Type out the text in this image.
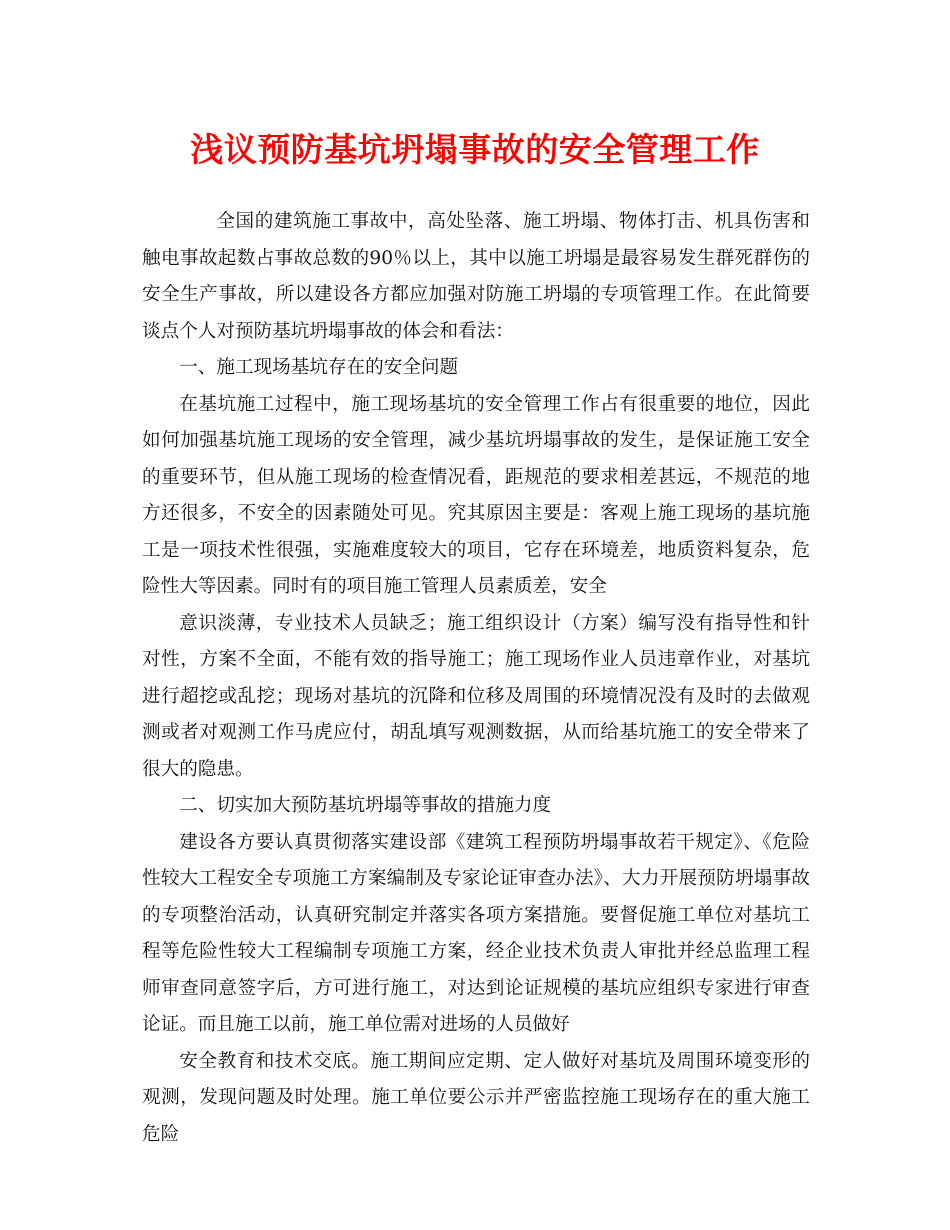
浅议预防基坑坍塌事故的安全管理工作

全国的建筑施工事故中，高处坠落、施工坍塌、物体打击、机具伤害和触电事故起数占事故总数的90％以上，其中以施工坍塌是最容易发生群死群伤的安全生产事故，所以建设各方都应加强对防施工坍塌的专项管理工作。在此简要谈点个人对预防基坑坍塌事故的体会和看法：

一、施工现场基坑存在的安全问题

在基坑施工过程中，施工现场基坑的安全管理工作占有很重要的地位，因此如何加强基坑施工现场的安全管理，减少基坑坍塌事故的发生，是保证施工安全的重要环节，但从施工现场的检查情况看，距规范的要求相差甚远，不规范的地方还很多，不安全的因素随处可见。究其原因主要是：客观上施工现场的基坑施工是一项技术性很强，实施难度较大的项目，它存在环境差，地质资料复杂，危险性大等因素。同时有的项目施工管理人员素质差，安全

意识淡薄，专业技术人员缺乏；施工组织设计（方案）编写没有指导性和针对性，方案不全面，不能有效的指导施工；施工现场作业人员违章作业，对基坑进行超挖或乱挖；现场对基坑的沉降和位移及周围的环境情况没有及时的去做观测或者对观测工作马虎应付，胡乱填写观测数据，从而给基坑施工的安全带来了很大的隐患。

二、切实加大预防基坑坍塌等事故的措施力度

建设各方要认真贯彻落实建设部《建筑工程预防坍塌事故若干规定》、《危险性较大工程安全专项施工方案编制及专家论证审查办法》、大力开展预防坍塌事故的专项整治活动，认真研究制定并落实各项方案措施。要督促施工单位对基坑工程等危险性较大工程编制专项施工方案，经企业技术负责人审批并经总监理工程师审查同意签字后，方可进行施工，对达到论证规模的基坑应组织专家进行审查论证。而且施工以前，施工单位需对进场的人员做好

安全教育和技术交底。施工期间应定期、定人做好对基坑及周围环境变形的观测，发现问题及时处理。施工单位要公示并严密监控施工现场存在的重大施工危险
